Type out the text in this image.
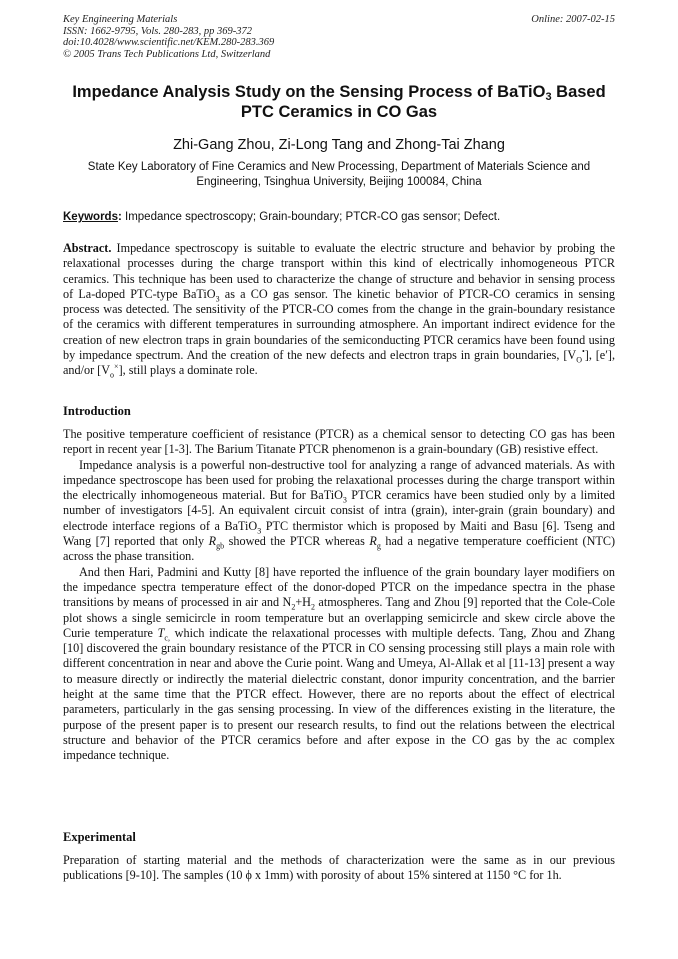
Key Engineering Materials
ISSN: 1662-9795, Vols. 280-283, pp 369-372
doi:10.4028/www.scientific.net/KEM.280-283.369
© 2005 Trans Tech Publications Ltd, Switzerland
Online: 2007-02-15
Impedance Analysis Study on the Sensing Process of BaTiO$_3$ Based
PTC Ceramics in CO Gas
Zhi-Gang Zhou, Zi-Long Tang and Zhong-Tai Zhang
State Key Laboratory of Fine Ceramics and New Processing, Department of Materials Science and Engineering, Tsinghua University, Beijing 100084, China
Keywords: Impedance spectroscopy; Grain-boundary; PTCR-CO gas sensor; Defect.

Abstract. Impedance spectroscopy is suitable to evaluate the electric structure and behavior by probing the relaxational processes during the charge transport within this kind of electrically inhomogeneous PTCR ceramics. This technique has been used to characterize the change of structure and behavior in sensing process of La-doped PTC-type BaTiO$_3$ as a CO gas sensor. The kinetic behavior of PTCR-CO ceramics in sensing process was detected. The sensitivity of the PTCR-CO comes from the change in the grain-boundary resistance of the ceramics with different temperatures in surrounding atmosphere. An important indirect evidence for the creation of new electron traps in grain boundaries of the semiconducting PTCR ceramics have been found using by impedance spectrum. And the creation of the new defects and electron traps in grain boundaries, $[V_O^•]$, [e′], and/or $[V_o^\times]$, still plays a dominate role.

Introduction

The positive temperature coefficient of resistance (PTCR) as a chemical sensor to detecting CO gas has been report in recent year [1-3]. The Barium Titanate PTCR phenomenon is a grain-boundary (GB) resistive effect.

Impedance analysis is a powerful non-destructive tool for analyzing a range of advanced materials. As with impedance spectroscope has been used for probing the relaxational processes during the charge transport within the electrically inhomogeneous material. But for BaTiO$_3$ PTCR ceramics have been studied only by a limited number of investigators [4-5]. An equivalent circuit consist of intra (grain), inter-grain (grain boundary) and electrode interface regions of a BaTiO$_3$ PTC thermistor which is proposed by Maiti and Basu [6]. Tseng and Wang [7] reported that only $R_{gb}$ showed the PTCR whereas $R_g$ had a negative temperature coefficient (NTC) across the phase transition.

And then Hari, Padmini and Kutty [8] have reported the influence of the grain boundary layer modifiers on the impedance spectra temperature effect of the donor-doped PTCR on the impedance spectra in the phase transitions by means of processed in air and $N_2+H_2$ atmospheres. Tang and Zhou [9] reported that the Cole-Cole plot shows a single semicircle in room temperature but an overlapping semicircle and skew circle above the Curie temperature $T_{c,}$ which indicate the relaxational processes with multiple defects. Tang, Zhou and Zhang [10] discovered the grain boundary resistance of the PTCR in CO sensing processing still plays a main role with different concentration in near and above the Curie point. Wang and Umeya, Al-Allak et al [11-13] present a way to measure directly or indirectly the material dielectric constant, donor impurity concentration, and the barrier height at the same time that the PTCR effect. However, there are no reports about the effect of electrical parameters, particularly in the gas sensing processing. In view of the differences existing in the literature, the purpose of the present paper is to present our research results, to find out the relations between the electrical structure and behavior of the PTCR ceramics before and after expose in the CO gas by the ac complex impedance technique.

Experimental

Preparation of starting material and the methods of characterization were the same as in our previous publications [9-10]. The samples (10 ϕ x 1mm) with porosity of about 15% sintered at 1150 °C for 1h.
